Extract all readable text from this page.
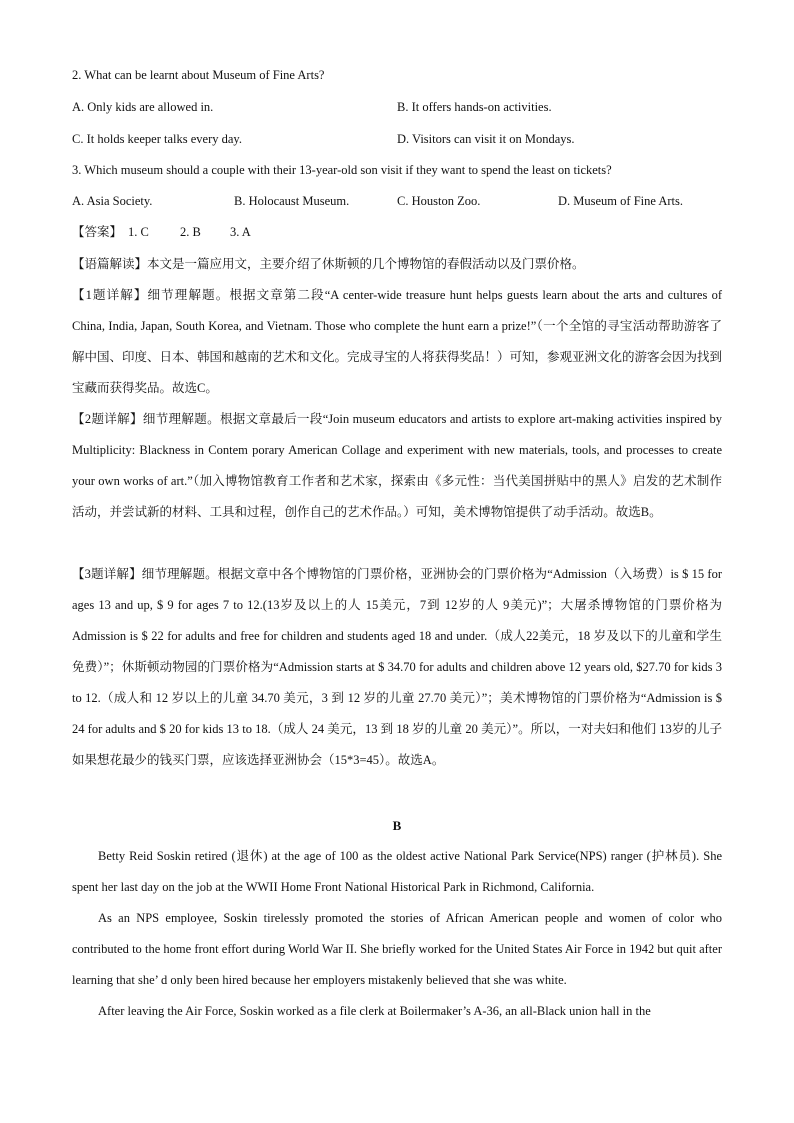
2. What can be learnt about Museum of Fine Arts?
A. Only kids are allowed in.	B. It offers hands-on activities.
C. It holds keeper talks every day.	D. Visitors can visit it on Mondays.
3. Which museum should a couple with their 13-year-old son visit if they want to spend the least on tickets?
A. Asia Society.	B. Holocaust Museum.	C. Houston Zoo.	D. Museum of Fine Arts.
【答案】 1. C 2. B 3. A

【语篇解读】本文是一篇应用文，主要介绍了休斯顿的几个博物馆的春假活动以及门票价格。

【1题详解】细节理解题。根据文章第二段“A center-wide treasure hunt helps guests learn about the arts and cultures of China, India, Japan, South Korea, and Vietnam. Those who complete the hunt earn a prize!”（一个全馆的寻宝活动帮助游客了解中国、印度、日本、韩国和越南的艺术和文化。完成寻宝的人将获得奖品！）可知，参观亚洲文化的游客会因为找到宝藏而获得奖品。故选C。

【2题详解】细节理解题。根据文章最后一段“Join museum educators and artists to explore art-making activities inspired by Multiplicity: Blackness in Contem porary American Collage and experiment with new materials, tools, and processes to create your own works of art.”（加入博物馆教育工作者和艺术家，探索由《多元性：当代美国拼贴中的黑人》启发的艺术制作活动，并尝试新的材料、工具和过程，创作自己的艺术作品。）可知，美术博物馆提供了动手活动。故选B。

【3题详解】细节理解题。根据文章中各个博物馆的门票价格，亚洲协会的门票价格为“Admission（入场费）is $ 15 for ages 13 and up, $ 9 for ages 7 to 12.(13岁及以上的人 15美元，7到 12岁的人 9美元)”；大屠杀博物馆的门票价格为Admission is $ 22 for adults and free for children and students aged 18 and under.（成人22美元，18 岁及以下的儿童和学生免费）”；休斯顿动物园的门票价格为“Admission starts at $ 34.70 for adults and children above 12 years old, $27.70 for kids 3 to 12.（成人和 12 岁以上的儿童 34.70 美元，3 到 12 岁的儿童 27.70 美元）”；美术博物馆的门票价格为“Admission is $ 24 for adults and $ 20 for kids 13 to 18.（成人 24 美元，13 到 18 岁的儿童 20 美元）”。所以，一对夫妇和他们 13岁的儿子如果想花最少的钱买门票，应该选择亚洲协会（15*3=45）。故选A。

B

Betty Reid Soskin retired (退休) at the age of 100 as the oldest active National Park Service(NPS) ranger (护林员). She spent her last day on the job at the WWII Home Front National Historical Park in Richmond, California.

As an NPS employee, Soskin tirelessly promoted the stories of African American people and women of color who contributed to the home front effort during World War II. She briefly worked for the United States Air Force in 1942 but quit after learning that she’ d only been hired because her employers mistakenly believed that she was white.

After leaving the Air Force, Soskin worked as a file clerk at Boilermaker’s A-36, an all-Black union hall in the
